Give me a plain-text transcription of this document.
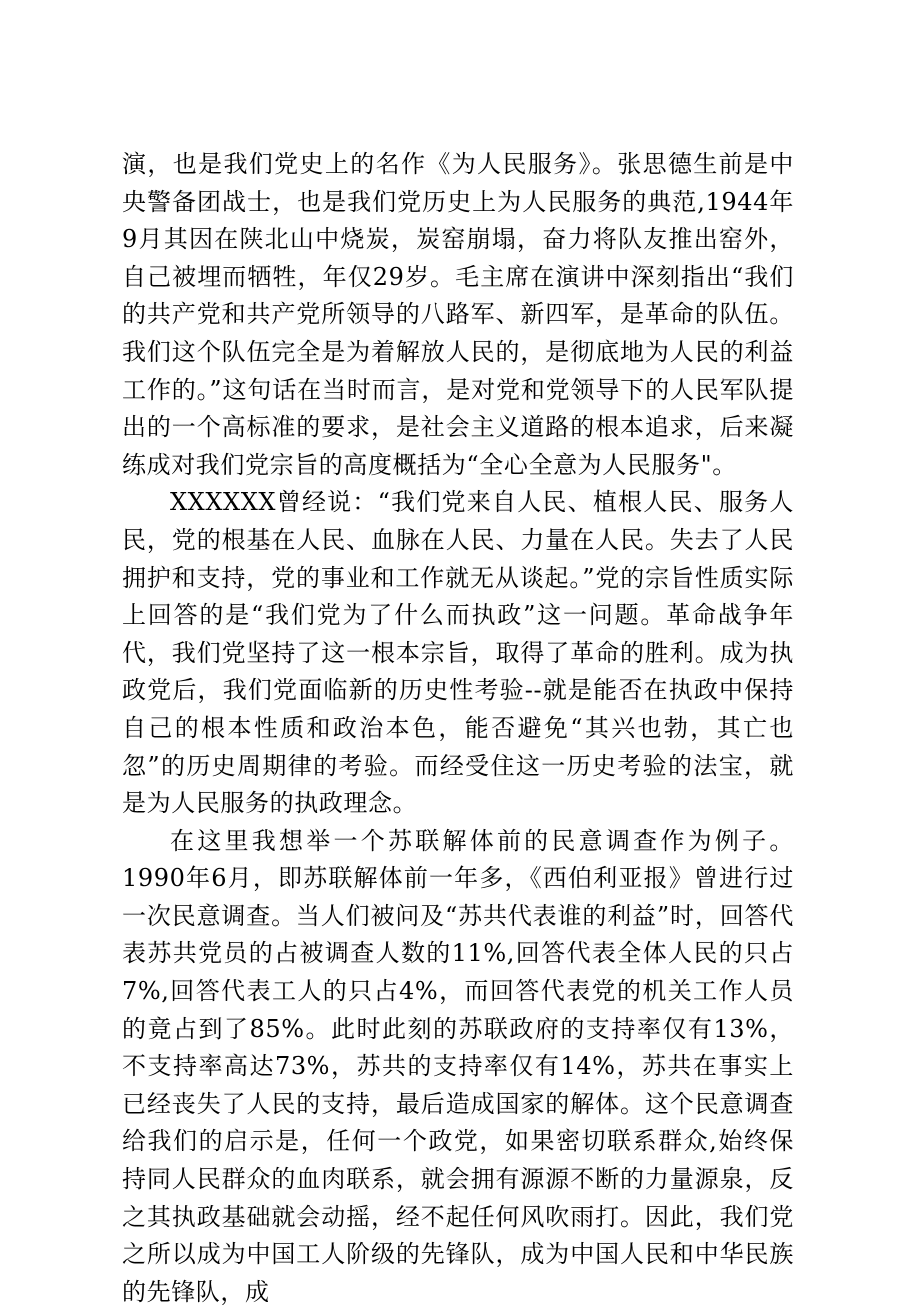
演，也是我们党史上的名作《为人民服务》。张思德生前是中央警备团战士，也是我们党历史上为人民服务的典范,1944年9月其因在陕北山中烧炭，炭窑崩塌，奋力将队友推出窑外，自己被埋而牺牲，年仅29岁。毛主席在演讲中深刻指出“我们的共产党和共产党所领导的八路军、新四军，是革命的队伍。我们这个队伍完全是为着解放人民的，是彻底地为人民的利益工作的。”这句话在当时而言，是对党和党领导下的人民军队提出的一个高标准的要求，是社会主义道路的根本追求，后来凝练成对我们党宗旨的高度概括为“全心全意为人民服务"。

XXXXXX曾经说：“我们党来自人民、植根人民、服务人民，党的根基在人民、血脉在人民、力量在人民。失去了人民拥护和支持，党的事业和工作就无从谈起。”党的宗旨性质实际上回答的是“我们党为了什么而执政”这一问题。革命战争年代，我们党坚持了这一根本宗旨，取得了革命的胜利。成为执政党后，我们党面临新的历史性考验--就是能否在执政中保持自己的根本性质和政治本色，能否避免“其兴也勃，其亡也忽”的历史周期律的考验。而经受住这一历史考验的法宝，就是为人民服务的执政理念。

在这里我想举一个苏联解体前的民意调查作为例子。1990年6月，即苏联解体前一年多，《西伯利亚报》曾进行过一次民意调查。当人们被问及“苏共代表谁的利益”时，回答代表苏共党员的占被调查人数的11%,回答代表全体人民的只占7%,回答代表工人的只占4%，而回答代表党的机关工作人员的竟占到了85%。此时此刻的苏联政府的支持率仅有13%，不支持率高达73%，苏共的支持率仅有14%，苏共在事实上已经丧失了人民的支持，最后造成国家的解体。这个民意调查给我们的启示是，任何一个政党，如果密切联系群众,始终保持同人民群众的血肉联系，就会拥有源源不断的力量源泉，反之其执政基础就会动摇，经不起任何风吹雨打。因此，我们党之所以成为中国工人阶级的先锋队，成为中国人民和中华民族的先锋队，成
